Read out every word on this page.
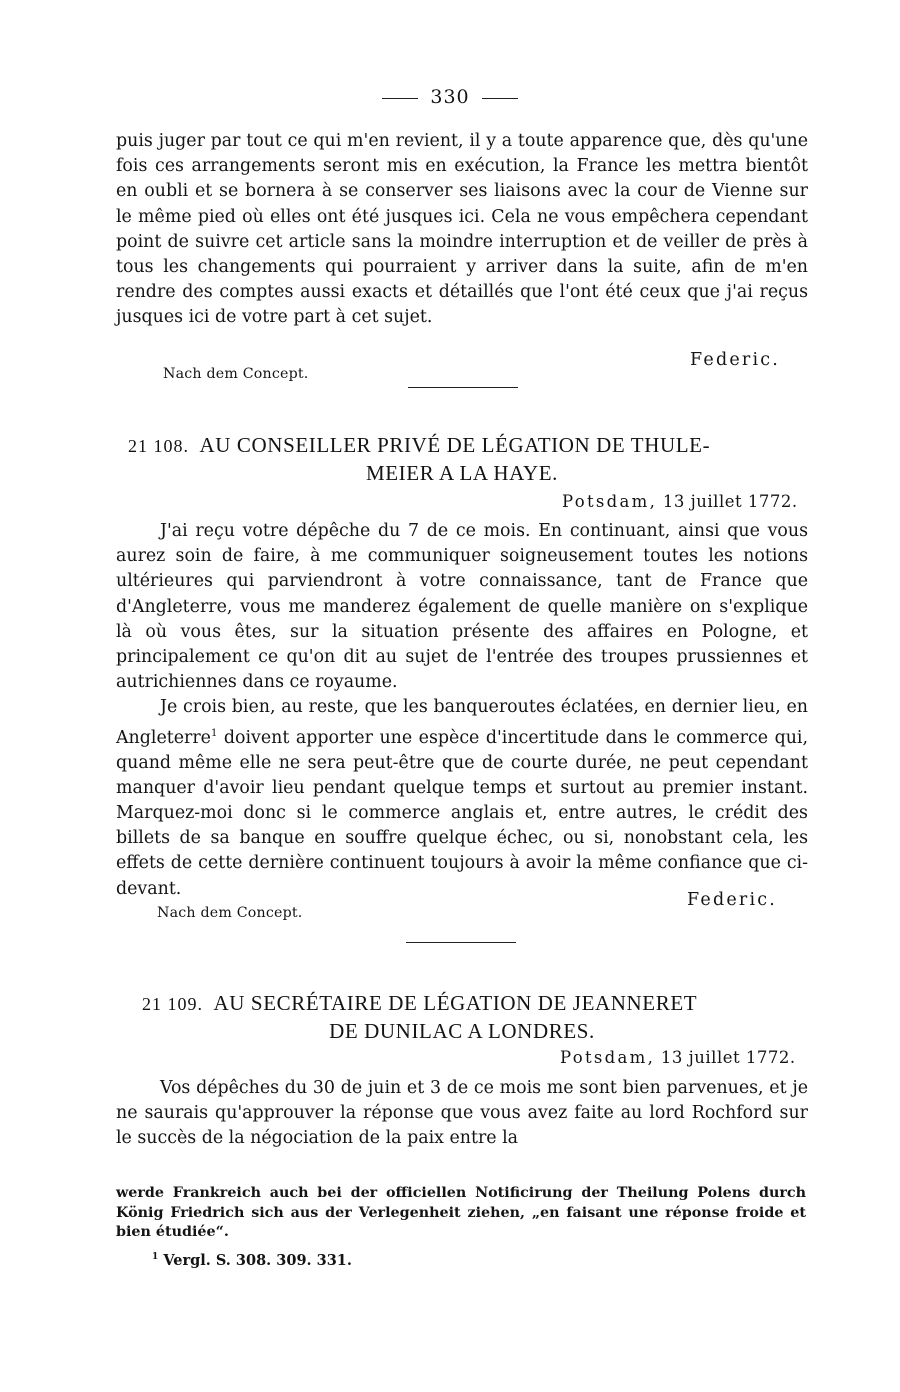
330

puis juger par tout ce qui m'en revient, il y a toute apparence que, dès qu'une fois ces arrangements seront mis en exécution, la France les mettra bientôt en oubli et se bornera à se conserver ses liaisons avec la cour de Vienne sur le même pied où elles ont été jusques ici. Cela ne vous empêchera cependant point de suivre cet article sans la moindre interruption et de veiller de près à tous les changements qui pourraient y arriver dans la suite, afin de m'en rendre des comptes aussi exacts et détaillés que l'ont été ceux que j'ai reçus jusques ici de votre part à cet sujet.

Federic.
Nach dem Concept.
21 108. AU CONSEILLER PRIVÉ DE LÉGATION DE THULE-
MEIER A LA HAYE.
Potsdam, 13 juillet 1772.

J'ai reçu votre dépêche du 7 de ce mois. En continuant, ainsi que vous aurez soin de faire, à me communiquer soigneusement toutes les notions ultérieures qui parviendront à votre connaissance, tant de France que d'Angleterre, vous me manderez également de quelle manière on s'explique là où vous êtes, sur la situation présente des affaires en Pologne, et principalement ce qu'on dit au sujet de l'entrée des troupes prussiennes et autrichiennes dans ce royaume.

Je crois bien, au reste, que les banqueroutes éclatées, en dernier lieu, en Angleterre$^1$ doivent apporter une espèce d'incertitude dans le commerce qui, quand même elle ne sera peut-être que de courte durée, ne peut cependant manquer d'avoir lieu pendant quelque temps et surtout au premier instant. Marquez-moi donc si le commerce anglais et, entre autres, le crédit des billets de sa banque en souffre quelque échec, ou si, nonobstant cela, les effets de cette dernière continuent toujours à avoir la même confiance que ci-devant.

Federic.
Nach dem Concept.
21 109. AU SECRÉTAIRE DE LÉGATION DE JEANNERET
DE DUNILAC A LONDRES.
Potsdam, 13 juillet 1772.

Vos dépêches du 30 de juin et 3 de ce mois me sont bien parvenues, et je ne saurais qu'approuver la réponse que vous avez faite au lord Rochford sur le succès de la négociation de la paix entre la

werde Frankreich auch bei der officiellen Notificirung der Theilung Polens durch König Friedrich sich aus der Verlegenheit ziehen, „en faisant une réponse froide et bien étudiée“.
$^1$ Vergl. S. 308. 309. 331.
